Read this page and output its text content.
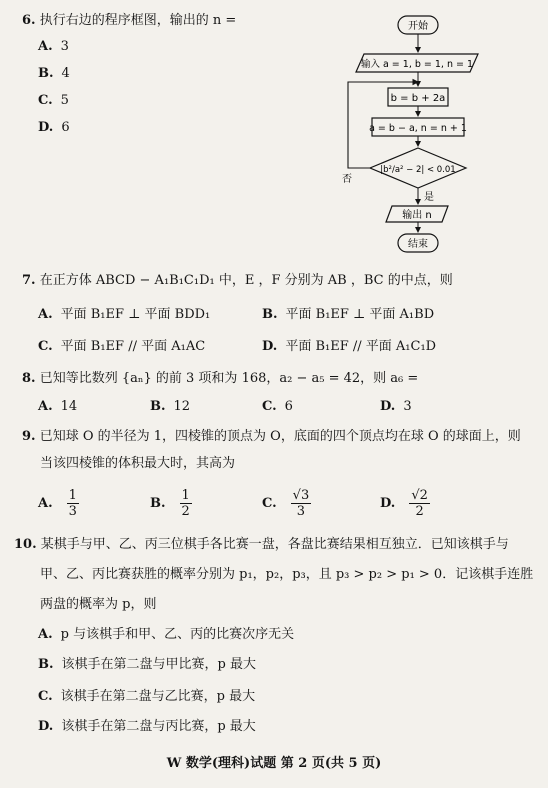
6. 执行右边的程序框图，输出的 n =
A. 3
B. 4
C. 5
D. 6
开始
输入 a = 1, b = 1, n = 1
b = b + 2a
a = b − a, n = n + 1
|b²/a² − 2| < 0.01
否
是
输出 n
结束
7. 在正方体 ABCD − A₁B₁C₁D₁ 中，E ，F 分别为 AB ，BC 的中点，则
A. 平面 B₁EF ⊥ 平面 BDD₁	B. 平面 B₁EF ⊥ 平面 A₁BD
C. 平面 B₁EF // 平面 A₁AC	D. 平面 B₁EF // 平面 A₁C₁D
8. 已知等比数列 {aₙ} 的前 3 项和为 168，a₂ − a₅ = 42，则 a₆ =
A. 14	B. 12	C. 6	D. 3
9. 已知球 O 的半径为 1，四棱锥的顶点为 O，底面的四个顶点均在球 O 的球面上，则
当该四棱锥的体积最大时，其高为
A. $\frac{1}{3}$	B. $\frac{1}{2}$	C. $\frac{√3}{3}$	D. $\frac{√2}{2}$
10. 某棋手与甲、乙、丙三位棋手各比赛一盘，各盘比赛结果相互独立．已知该棋手与
甲、乙、丙比赛获胜的概率分别为 p₁，p₂，p₃，且 p₃ > p₂ > p₁ > 0．记该棋手连胜
两盘的概率为 p，则
A. p 与该棋手和甲、乙、丙的比赛次序无关
B. 该棋手在第二盘与甲比赛，p 最大
C. 该棋手在第二盘与乙比赛，p 最大
D. 该棋手在第二盘与丙比赛，p 最大
W 数学(理科)试题 第 2 页(共 5 页)
